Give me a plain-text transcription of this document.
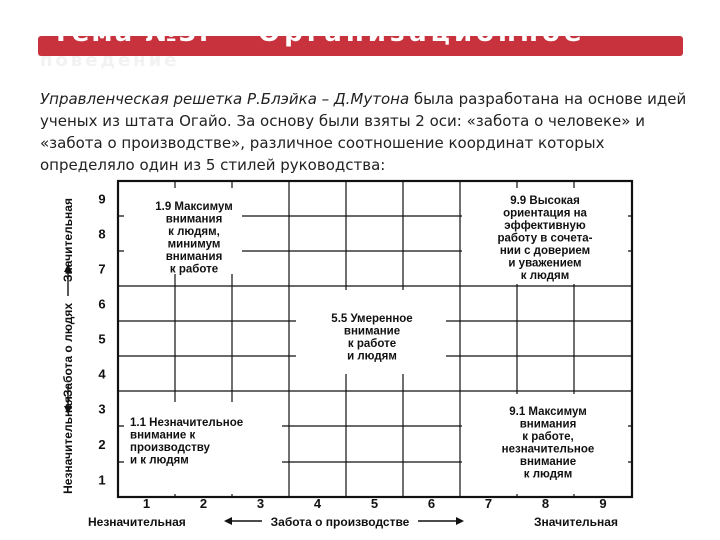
Тема №3. Организационное
поведение
Управленческая решетка Р.Блэйка – Д.Мутона была разработана на основе идей ученых из штата Огайо. За основу были взяты 2 оси: «забота о человеке» и «забота о производстве», различное соотношение координат которых определяло один из 5 стилей руководства:
1
2
3
4
5
6
7
8
9
1	2	3	4	5	6	7	8	9
Незначительная	Забота о производстве	Значительная
Значительная
Забота о людях
Незначительная
1.9 Максимум
внимания
к людям,
минимум
внимания
к работе
9.9 Высокая
ориентация на
эффективную
работу в сочета-
нии с доверием
и уважением
к людям
5.5 Умеренное
внимание
к работе
и людям
1.1 Незначительное
внимание к
производству
и к людям
9.1 Максимум
внимания
к работе,
незначительное
внимание
к людям
